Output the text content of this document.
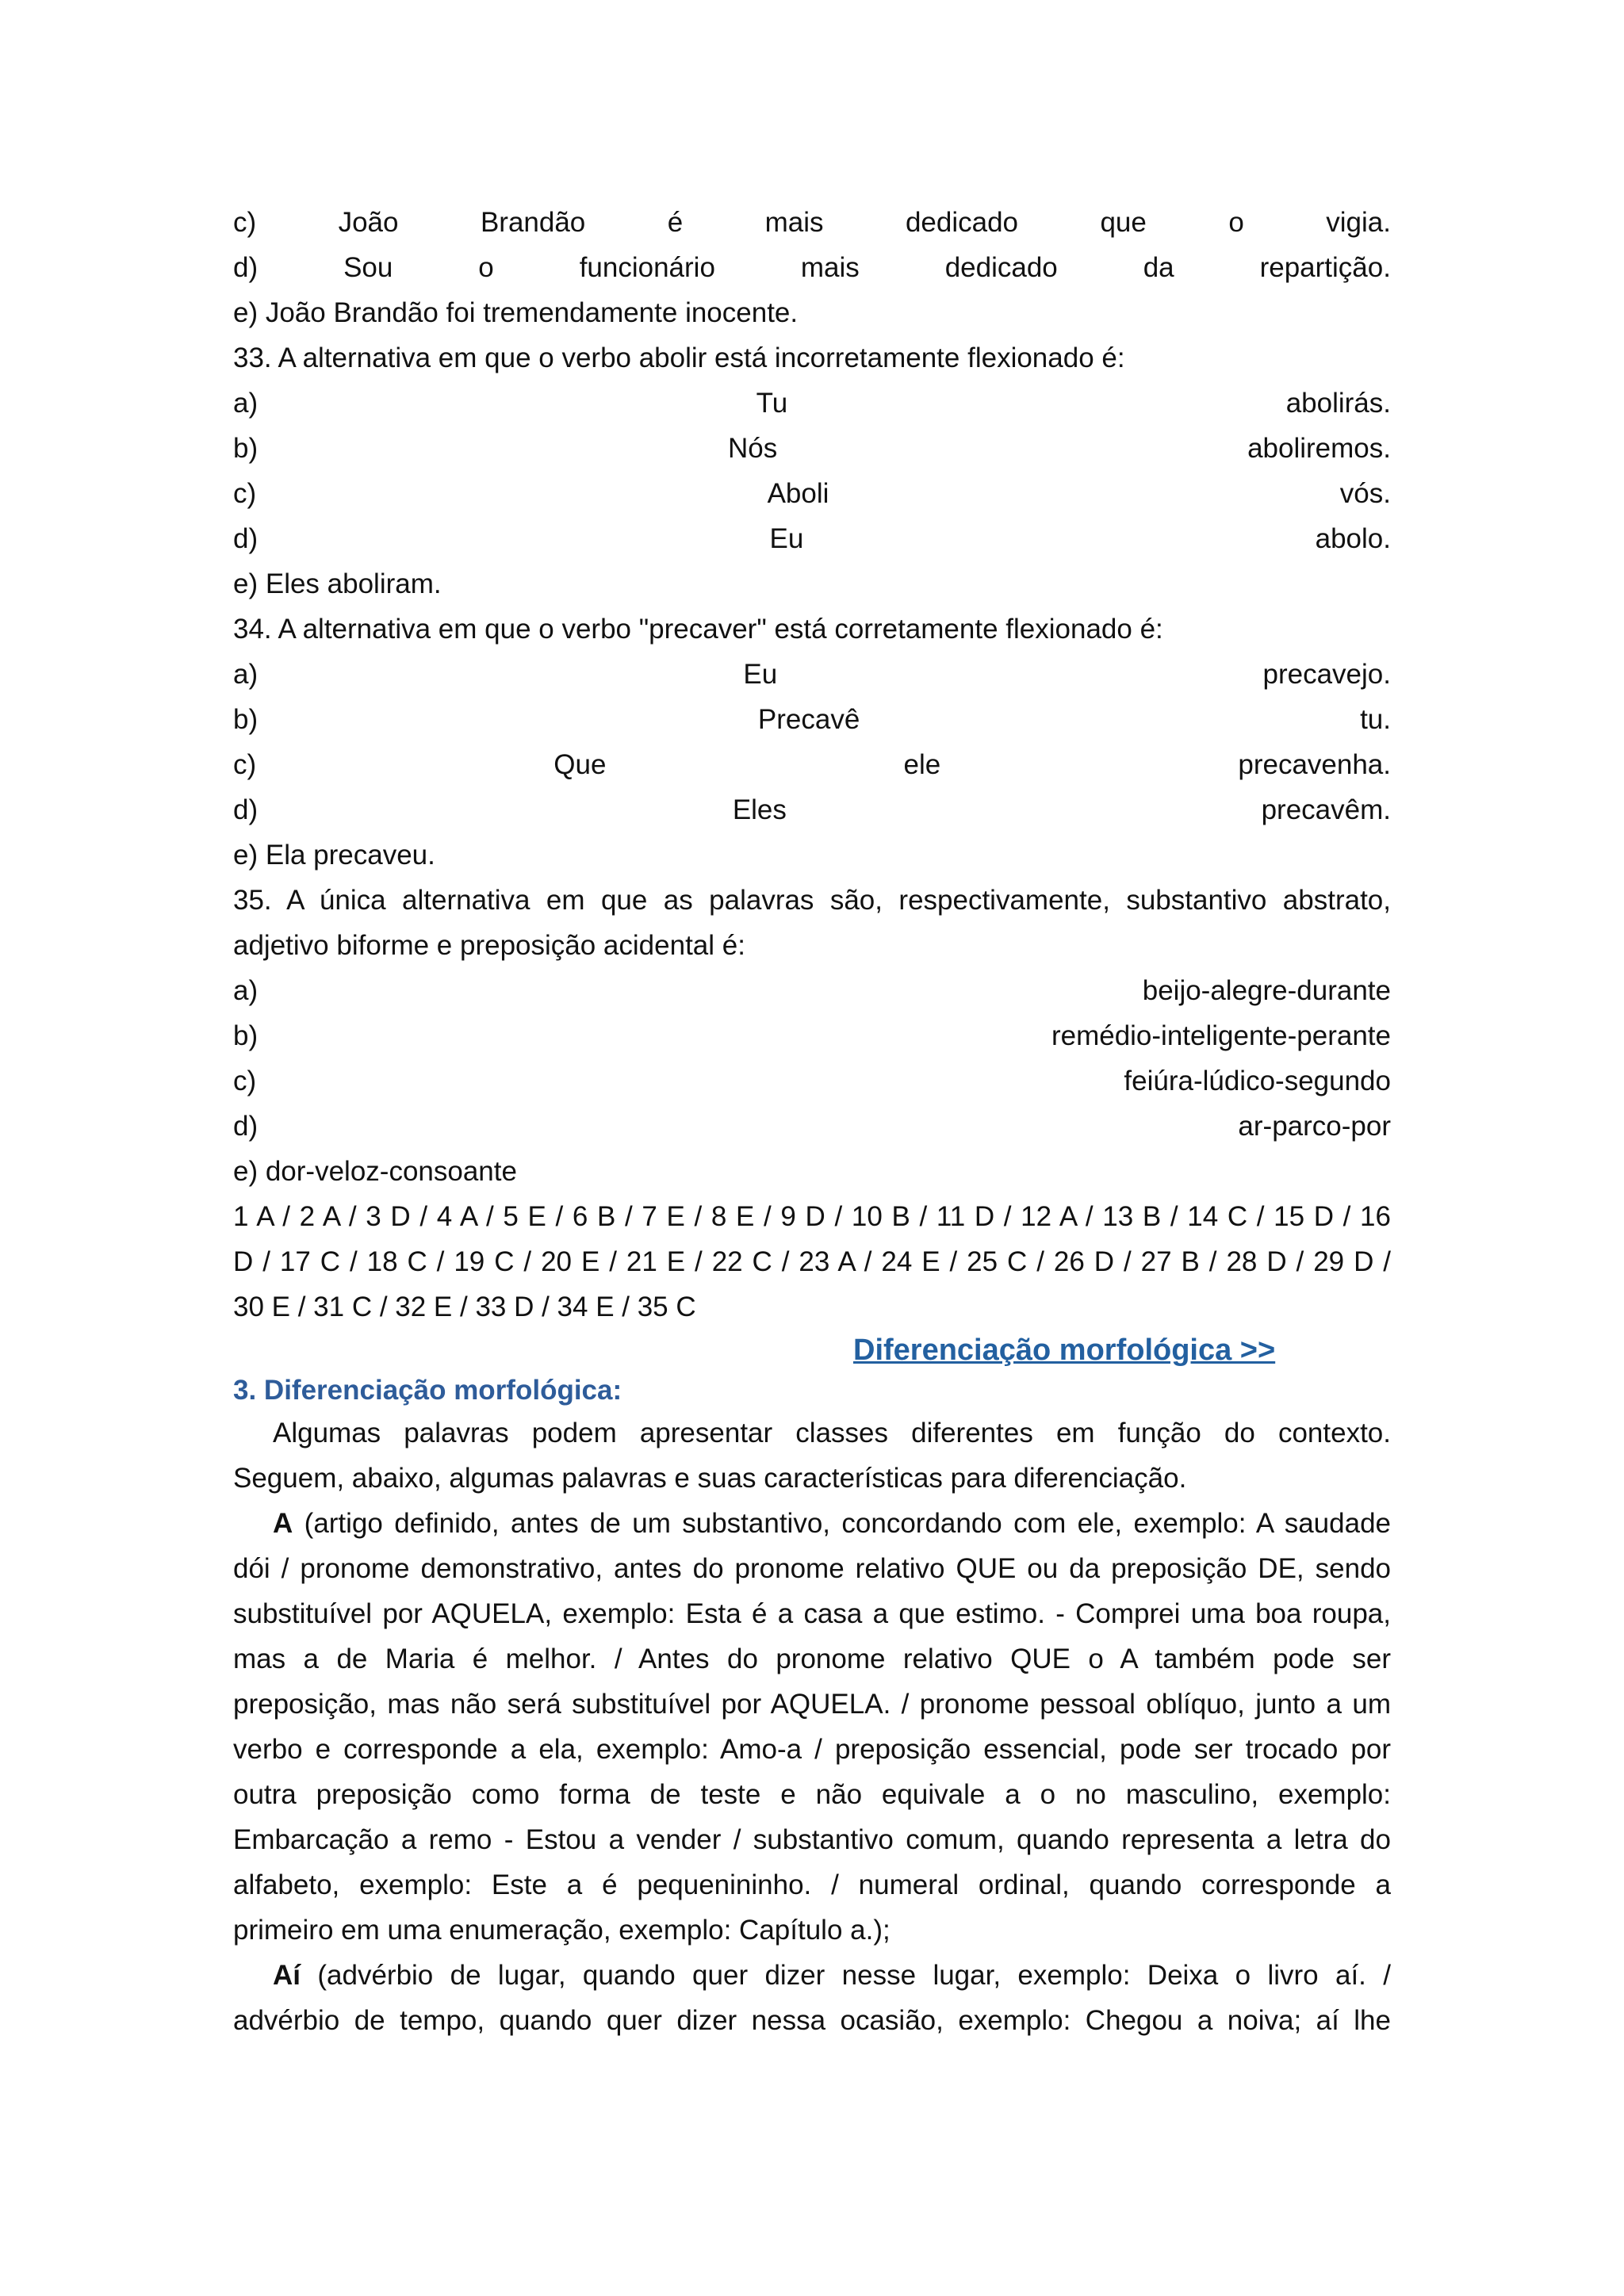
c)	João	Brandão	é	mais	dedicado	que	o	vigia.
d)	Sou	o	funcionário	mais	dedicado	da	repartição.
e) João Brandão foi tremendamente inocente.
33. A alternativa em que o verbo abolir está incorretamente flexionado é:
a)	Tu	abolirás.
b)	Nós	aboliremos.
c)	Aboli	vós.
d)	Eu	abolo.
e) Eles aboliram.
34. A alternativa em que o verbo "precaver" está corretamente flexionado é:
a)	Eu	precavejo.
b)	Precavê	tu.
c)	Que	ele	precavenha.
d)	Eles	precavêm.
e) Ela precaveu.
35. A única alternativa em que as palavras são, respectivamente, substantivo abstrato,
adjetivo biforme e preposição acidental é:
a)	beijo-alegre-durante
b)	remédio-inteligente-perante
c)	feiúra-lúdico-segundo
d)	ar-parco-por
e) dor-veloz-consoante
1 A / 2 A / 3 D / 4 A / 5 E / 6 B / 7 E / 8 E / 9 D / 10 B / 11 D / 12 A / 13 B / 14 C / 15 D / 16
D / 17 C / 18 C / 19 C / 20 E / 21 E / 22 C / 23 A / 24 E / 25 C / 26 D / 27 B / 28 D / 29 D /
30 E / 31 C / 32 E / 33 D / 34 E / 35 C
Diferenciação morfológica >>
3. Diferenciação morfológica:
Algumas palavras podem apresentar classes diferentes em função do contexto.
Seguem, abaixo, algumas palavras e suas características para diferenciação.
A (artigo definido, antes de um substantivo, concordando com ele, exemplo: A saudade
dói / pronome demonstrativo, antes do pronome relativo QUE ou da preposição DE, sendo
substituível por AQUELA, exemplo: Esta é a casa a que estimo. - Comprei uma boa roupa,
mas a de Maria é melhor. / Antes do pronome relativo QUE o A também pode ser
preposição, mas não será substituível por AQUELA. / pronome pessoal oblíquo, junto a um
verbo e corresponde a ela, exemplo: Amo-a / preposição essencial, pode ser trocado por
outra preposição como forma de teste e não equivale a o no masculino, exemplo:
Embarcação a remo - Estou a vender / substantivo comum, quando representa a letra do
alfabeto, exemplo: Este a é pequenininho. / numeral ordinal, quando corresponde a
primeiro em uma enumeração, exemplo: Capítulo a.);
Aí (advérbio de lugar, quando quer dizer nesse lugar, exemplo: Deixa o livro aí. /
advérbio de tempo, quando quer dizer nessa ocasião, exemplo: Chegou a noiva; aí lhe
